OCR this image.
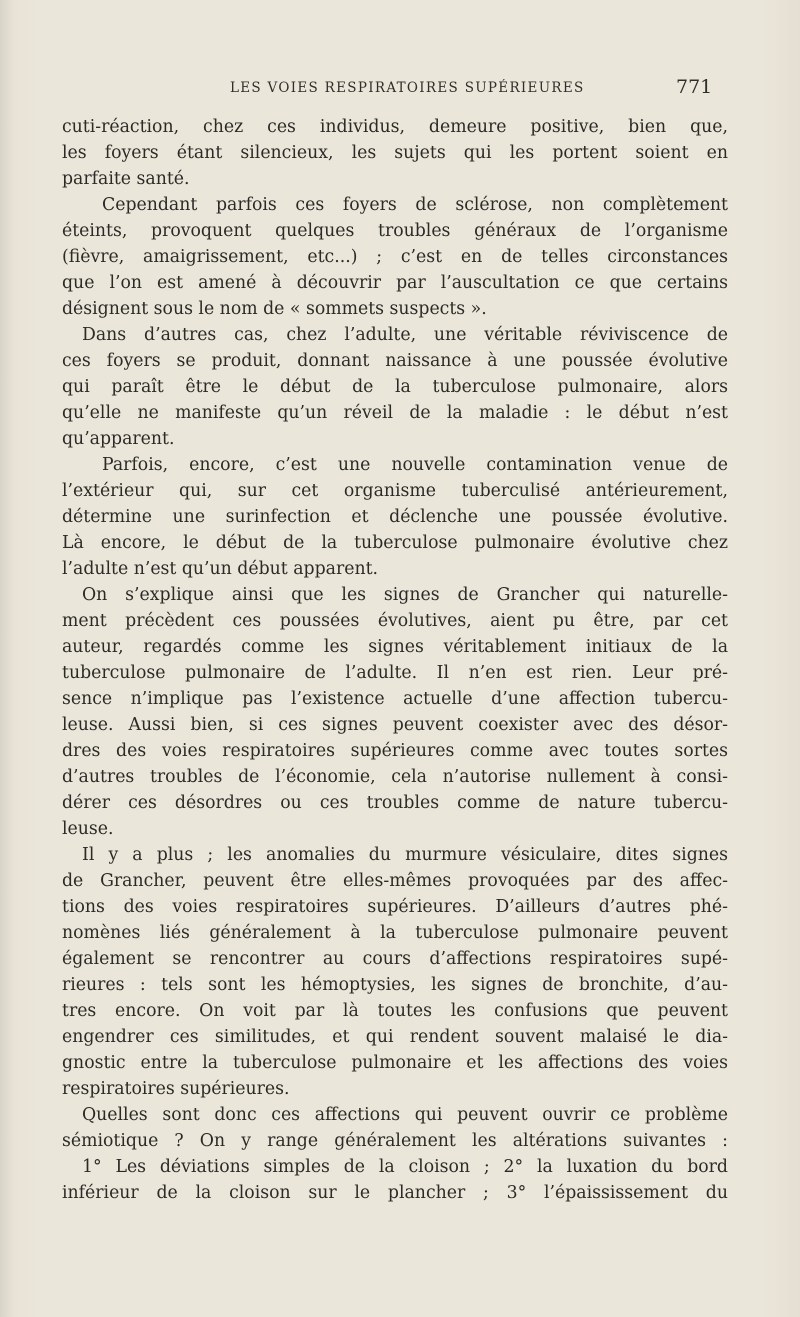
LES VOIES RESPIRATOIRES SUPÉRIEURES	771
cuti-réaction, chez ces individus, demeure positive, bien que,
les foyers étant silencieux, les sujets qui les portent soient en
parfaite santé.
Cependant parfois ces foyers de sclérose, non complètement
éteints, provoquent quelques troubles généraux de l’organisme
(fièvre, amaigrissement, etc...) ; c’est en de telles circonstances
que l’on est amené à découvrir par l’auscultation ce que certains
désignent sous le nom de « sommets suspects ».
Dans d’autres cas, chez l’adulte, une véritable réviviscence de
ces foyers se produit, donnant naissance à une poussée évolutive
qui paraît être le début de la tuberculose pulmonaire, alors
qu’elle ne manifeste qu’un réveil de la maladie : le début n’est
qu’apparent.
Parfois, encore, c’est une nouvelle contamination venue de
l’extérieur qui, sur cet organisme tuberculisé antérieurement,
détermine une surinfection et déclenche une poussée évolutive.
Là encore, le début de la tuberculose pulmonaire évolutive chez
l’adulte n’est qu’un début apparent.
On s’explique ainsi que les signes de Grancher qui naturelle-
ment précèdent ces poussées évolutives, aient pu être, par cet
auteur, regardés comme les signes véritablement initiaux de la
tuberculose pulmonaire de l’adulte. Il n’en est rien. Leur pré-
sence n’implique pas l’existence actuelle d’une affection tubercu-
leuse. Aussi bien, si ces signes peuvent coexister avec des désor-
dres des voies respiratoires supérieures comme avec toutes sortes
d’autres troubles de l’économie, cela n’autorise nullement à consi-
dérer ces désordres ou ces troubles comme de nature tubercu-
leuse.
Il y a plus ; les anomalies du murmure vésiculaire, dites signes
de Grancher, peuvent être elles-mêmes provoquées par des affec-
tions des voies respiratoires supérieures. D’ailleurs d’autres phé-
nomènes liés généralement à la tuberculose pulmonaire peuvent
également se rencontrer au cours d’affections respiratoires supé-
rieures : tels sont les hémoptysies, les signes de bronchite, d’au-
tres encore. On voit par là toutes les confusions que peuvent
engendrer ces similitudes, et qui rendent souvent malaisé le dia-
gnostic entre la tuberculose pulmonaire et les affections des voies
respiratoires supérieures.
Quelles sont donc ces affections qui peuvent ouvrir ce problème
sémiotique ? On y range généralement les altérations suivantes :
1° Les déviations simples de la cloison ; 2° la luxation du bord
inférieur de la cloison sur le plancher ; 3° l’épaississement du
